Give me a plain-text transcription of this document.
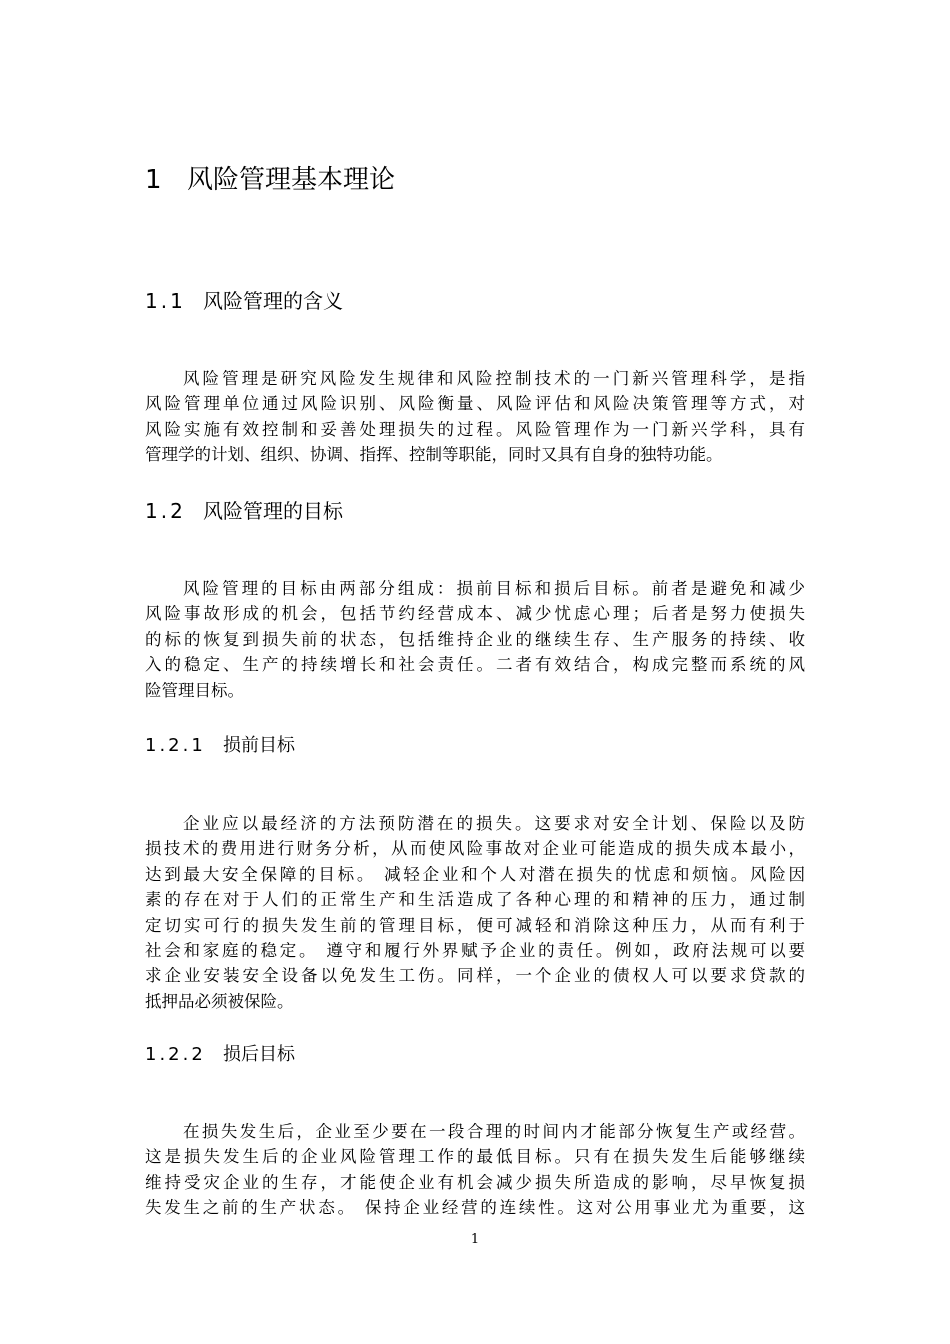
1 风险管理基本理论
1.1 风险管理的含义
风险管理是研究风险发生规律和风险控制技术的一门新兴管理科学，是指
风险管理单位通过风险识别、风险衡量、风险评估和风险决策管理等方式，对
风险实施有效控制和妥善处理损失的过程。风险管理作为一门新兴学科，具有
管理学的计划、组织、协调、指挥、控制等职能，同时又具有自身的独特功能。
1.2 风险管理的目标
风险管理的目标由两部分组成：损前目标和损后目标。前者是避免和减少
风险事故形成的机会，包括节约经营成本、减少忧虑心理；后者是努力使损失
的标的恢复到损失前的状态，包括维持企业的继续生存、生产服务的持续、收
入的稳定、生产的持续增长和社会责任。二者有效结合，构成完整而系统的风
险管理目标。
1.2.1 损前目标
企业应以最经济的方法预防潜在的损失。这要求对安全计划、保险以及防
损技术的费用进行财务分析，从而使风险事故对企业可能造成的损失成本最小，
达到最大安全保障的目标。 减轻企业和个人对潜在损失的忧虑和烦恼。风险因
素的存在对于人们的正常生产和生活造成了各种心理的和精神的压力，通过制
定切实可行的损失发生前的管理目标，便可减轻和消除这种压力，从而有利于
社会和家庭的稳定。 遵守和履行外界赋予企业的责任。例如，政府法规可以要
求企业安装安全设备以免发生工伤。同样，一个企业的债权人可以要求贷款的
抵押品必须被保险。
1.2.2 损后目标
在损失发生后，企业至少要在一段合理的时间内才能部分恢复生产或经营。
这是损失发生后的企业风险管理工作的最低目标。只有在损失发生后能够继续
维持受灾企业的生存，才能使企业有机会减少损失所造成的影响，尽早恢复损
失发生之前的生产状态。 保持企业经营的连续性。这对公用事业尤为重要，这
1
